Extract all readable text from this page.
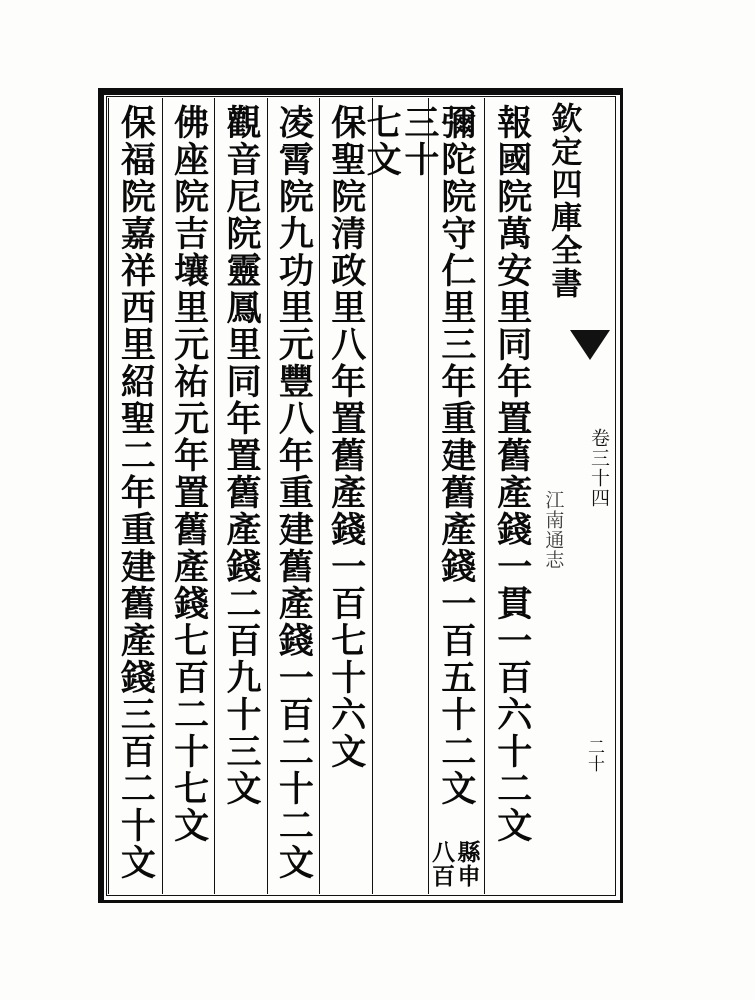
欽定四庫全書
江南通志
卷三十四
二十
報國院萬安里同年置舊產錢一貫一百六十二文
彌陀院守仁里三年重建舊產錢一百五十二文
縣申
八百
三十
七文
保聖院清政里八年置舊產錢一百七十六文
凌霄院九功里元豐八年重建舊產錢一百二十二文
觀音尼院靈鳳里同年置舊產錢二百九十三文
佛座院吉壤里元祐元年置舊產錢七百二十七文
保福院嘉祥西里紹聖二年重建舊產錢三百二十文
